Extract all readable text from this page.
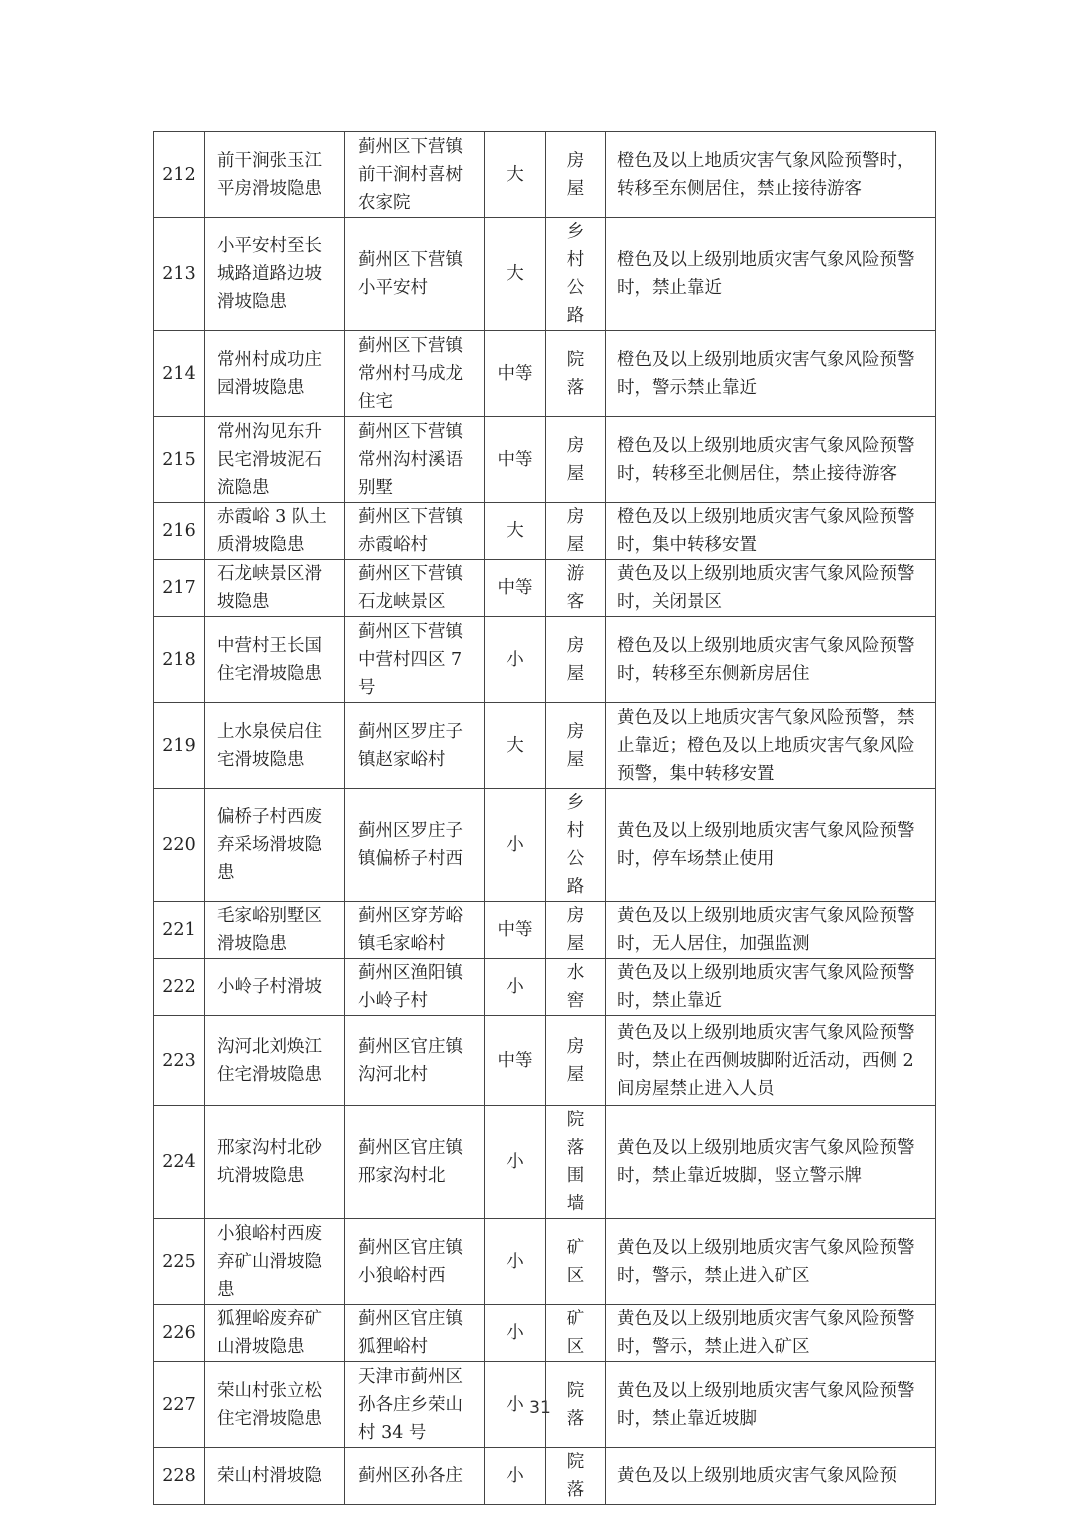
212	前干涧张玉江平房滑坡隐患	蓟州区下营镇前干涧村喜树农家院	大	房屋	橙色及以上地质灾害气象风险预警时，转移至东侧居住，禁止接待游客
213	小平安村至长城路道路边坡滑坡隐患	蓟州区下营镇小平安村	大	乡村公路	橙色及以上级别地质灾害气象风险预警时，禁止靠近
214	常州村成功庄园滑坡隐患	蓟州区下营镇常州村马成龙住宅	中等	院落	橙色及以上级别地质灾害气象风险预警时，警示禁止靠近
215	常州沟见东升民宅滑坡泥石流隐患	蓟州区下营镇常州沟村溪语别墅	中等	房屋	橙色及以上级别地质灾害气象风险预警时，转移至北侧居住，禁止接待游客
216	赤霞峪 3 队土质滑坡隐患	蓟州区下营镇赤霞峪村	大	房屋	橙色及以上级别地质灾害气象风险预警时，集中转移安置
217	石龙峡景区滑坡隐患	蓟州区下营镇石龙峡景区	中等	游客	黄色及以上级别地质灾害气象风险预警时，关闭景区
218	中营村王长国住宅滑坡隐患	蓟州区下营镇中营村四区 7 号	小	房屋	橙色及以上级别地质灾害气象风险预警时，转移至东侧新房居住
219	上水泉侯启住宅滑坡隐患	蓟州区罗庄子镇赵家峪村	大	房屋	黄色及以上地质灾害气象风险预警，禁止靠近；橙色及以上地质灾害气象风险预警，集中转移安置
220	偏桥子村西废弃采场滑坡隐患	蓟州区罗庄子镇偏桥子村西	小	乡村公路	黄色及以上级别地质灾害气象风险预警时，停车场禁止使用
221	毛家峪别墅区滑坡隐患	蓟州区穿芳峪镇毛家峪村	中等	房屋	黄色及以上级别地质灾害气象风险预警时，无人居住，加强监测
222	小岭子村滑坡	蓟州区渔阳镇小岭子村	小	水窖	黄色及以上级别地质灾害气象风险预警时，禁止靠近
223	沟河北刘焕江住宅滑坡隐患	蓟州区官庄镇沟河北村	中等	房屋	黄色及以上级别地质灾害气象风险预警时，禁止在西侧坡脚附近活动，西侧 2 间房屋禁止进入人员
224	邢家沟村北砂坑滑坡隐患	蓟州区官庄镇邢家沟村北	小	院落围墙	黄色及以上级别地质灾害气象风险预警时，禁止靠近坡脚，竖立警示牌
225	小狼峪村西废弃矿山滑坡隐患	蓟州区官庄镇小狼峪村西	小	矿区	黄色及以上级别地质灾害气象风险预警时，警示，禁止进入矿区
226	狐狸峪废弃矿山滑坡隐患	蓟州区官庄镇狐狸峪村	小	矿区	黄色及以上级别地质灾害气象风险预警时，警示，禁止进入矿区
227	荣山村张立松住宅滑坡隐患	天津市蓟州区孙各庄乡荣山村 34 号	小	院落	黄色及以上级别地质灾害气象风险预警时，禁止靠近坡脚
228	荣山村滑坡隐	蓟州区孙各庄	小	院落	黄色及以上级别地质灾害气象风险预
31
